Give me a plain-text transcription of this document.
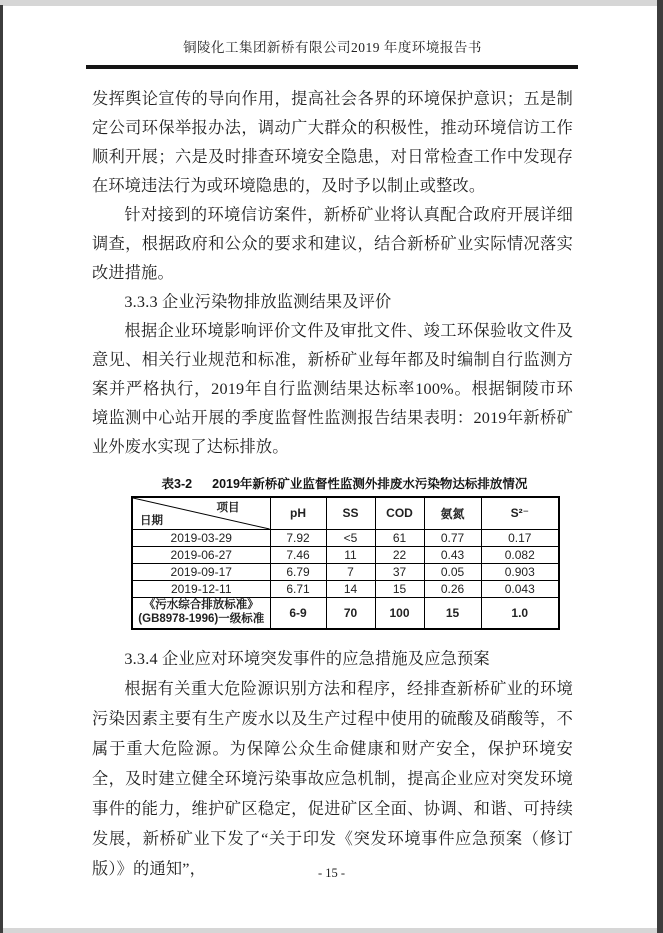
铜陵化工集团新桥有限公司2019 年度环境报告书

发挥舆论宣传的导向作用，提高社会各界的环境保护意识；五是制定公司环保举报办法，调动广大群众的积极性，推动环境信访工作顺利开展；六是及时排查环境安全隐患，对日常检查工作中发现存在环境违法行为或环境隐患的，及时予以制止或整改。

针对接到的环境信访案件，新桥矿业将认真配合政府开展详细调查，根据政府和公众的要求和建议，结合新桥矿业实际情况落实改进措施。

3.3.3 企业污染物排放监测结果及评价

根据企业环境影响评价文件及审批文件、竣工环保验收文件及意见、相关行业规范和标准，新桥矿业每年都及时编制自行监测方案并严格执行，2019年自行监测结果达标率100%。根据铜陵市环境监测中心站开展的季度监督性监测报告结果表明：2019年新桥矿业外废水实现了达标排放。

表3-2 2019年新桥矿业监督性监测外排废水污染物达标排放情况
项目
日期	pH	SS	COD	氨氮	S²⁻
2019-03-29	7.92	<5	61	0.77	0.17
2019-06-27	7.46	11	22	0.43	0.082
2019-09-17	6.79	7	37	0.05	0.903
2019-12-11	6.71	14	15	0.26	0.043

《污水综合排放标准》
(GB8978-1996)一级标准	6-9	70	100	15	1.0

3.3.4 企业应对环境突发事件的应急措施及应急预案

根据有关重大危险源识别方法和程序，经排查新桥矿业的环境污染因素主要有生产废水以及生产过程中使用的硫酸及硝酸等，不属于重大危险源。为保障公众生命健康和财产安全，保护环境安全，及时建立健全环境污染事故应急机制，提高企业应对突发环境事件的能力，维护矿区稳定，促进矿区全面、协调、和谐、可持续发展，新桥矿业下发了“关于印发《突发环境事件应急预案（修订版）》的通知”，	- 15 -
